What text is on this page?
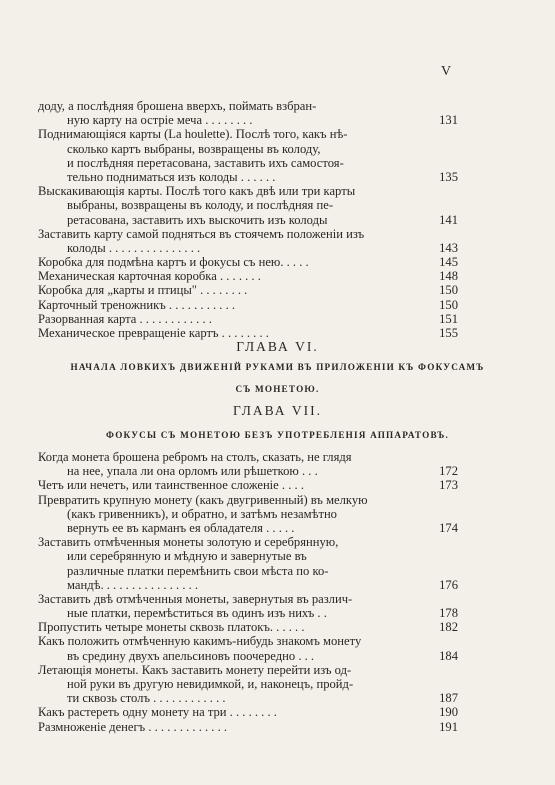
V
доду, а послѣдняя брошена вверхъ, поймать взбран-
ную карту на острiе меча . . . . . . . .	131
Поднимающiяся карты (La houlette). Послѣ того, какъ нѣ-
сколько картъ выбраны, возвращены въ колоду,
и послѣдняя перетасована, заставить ихъ самостоя-
тельно подниматься изъ колоды . . . . . .	135
Выскакивающiя карты. Послѣ того какъ двѣ или три карты
выбраны, возвращены въ колоду, и послѣдняя пе-
ретасована, заставить ихъ выскочить изъ колоды	141
Заставить карту самой подняться въ стоячемъ положенiи изъ
колоды . . . . . . . . . . . . . . .	143
Коробка для подмѣна картъ и фокусы съ нею. . . . .	145
Механическая карточная коробка . . . . . . .	148
Коробка для „карты и птицы" . . . . . . . .	150
Карточный треножникъ . . . . . . . . . . .	150
Разорванная карта . . . . . . . . . . . .	151
Механическое превращенiе картъ . . . . . . . .	155
ГЛАВА VI.
НАЧАЛА ЛОВКИХЪ ДВИЖЕНIЙ РУКАМИ ВЪ ПРИЛОЖЕНIИ КЪ ФОКУСАМЪ
СЪ МОНЕТОЮ.
ГЛАВА VII.
ФОКУСЫ СЪ МОНЕТОЮ БЕЗЪ УПОТРЕБЛЕНIЯ АППАРАТОВЪ.
Когда монета брошена ребромъ на столъ, сказать, не глядя
на нее, упала ли она орломъ или рѣшеткою . . .	172
Четъ или нечетъ, или таинственное сложенiе . . . .	173
Превратить крупную монету (какъ двугривенный) въ мелкую
(какъ гривенникъ), и обратно, и затѣмъ незамѣтно
вернуть ее въ карманъ ея обладателя . . . . .	174
Заставить отмѣченныя монеты золотую и серебрянную,
или серебрянную и мѣдную и завернутые въ
различные платки перемѣнить свои мѣста по ко-
мандѣ. . . . . . . . . . . . . . . .	176
Заставить двѣ отмѣченныя монеты, завернутыя въ различ-
ные платки, перемѣститься въ одинъ изъ нихъ . .	178
Пропустить четыре монеты сквозь платокъ. . . . . .	182
Какъ положить отмѣченную какимъ-нибудь знакомъ монету
въ средину двухъ апельсиновъ поочередно . . .	184
Летающiя монеты. Какъ заставить монету перейти изъ од-
ной руки въ другую невидимкой, и, наконецъ, пройд-
ти сквозь столъ . . . . . . . . . . . .	187
Какъ растереть одну монету на три . . . . . . . .	190
Размноженiе денегъ . . . . . . . . . . . . .	191
